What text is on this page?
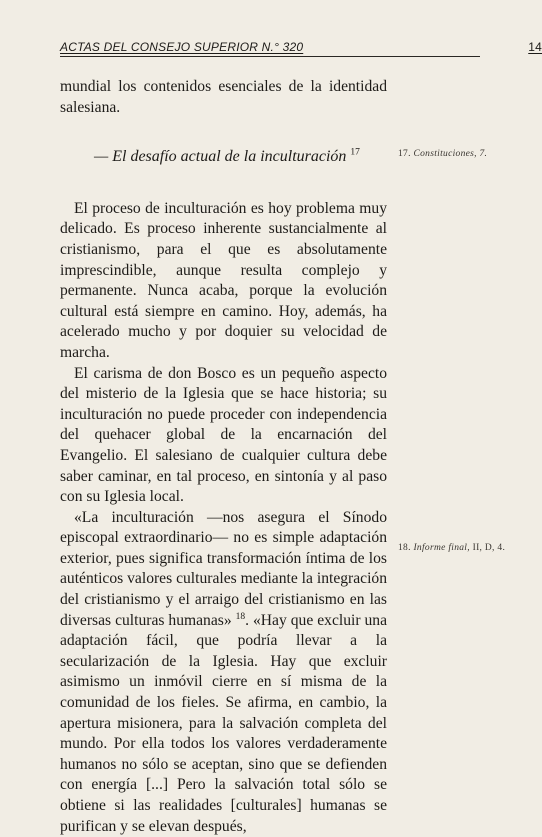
ACTAS DEL CONSEJO SUPERIOR N.° 320	14

mundial los contenidos esenciales de la identidad salesiana.

— El desafío actual de la inculturación $^{17}$

El proceso de inculturación es hoy problema muy delicado. Es proceso inherente sustancialmente al cristianismo, para el que es absolutamente imprescindible, aunque resulta complejo y permanente. Nunca acaba, porque la evolución cultural está siempre en camino. Hoy, además, ha acelerado mucho y por doquier su velocidad de marcha.

El carisma de don Bosco es un pequeño aspecto del misterio de la Iglesia que se hace historia; su inculturación no puede proceder con independencia del quehacer global de la encarnación del Evangelio. El salesiano de cualquier cultura debe saber caminar, en tal proceso, en sintonía y al paso con su Iglesia local.

«La inculturación —nos asegura el Sínodo episcopal extraordinario— no es simple adaptación exterior, pues significa transformación íntima de los auténticos valores culturales mediante la integración del cristianismo y el arraigo del cristianismo en las diversas culturas humanas» $^{18}$. «Hay que excluir una adaptación fácil, que podría llevar a la secularización de la Iglesia. Hay que excluir asimismo un inmóvil cierre en sí misma de la comunidad de los fieles. Se afirma, en cambio, la apertura misionera, para la salvación completa del mundo. Por ella todos los valores verdaderamente humanos no sólo se aceptan, sino que se defienden con energía [...] Pero la salvación total sólo se obtiene si las realidades [culturales] humanas se purifican y se elevan después,

17. Constituciones, 7.
18. Informe final, II, D, 4.
